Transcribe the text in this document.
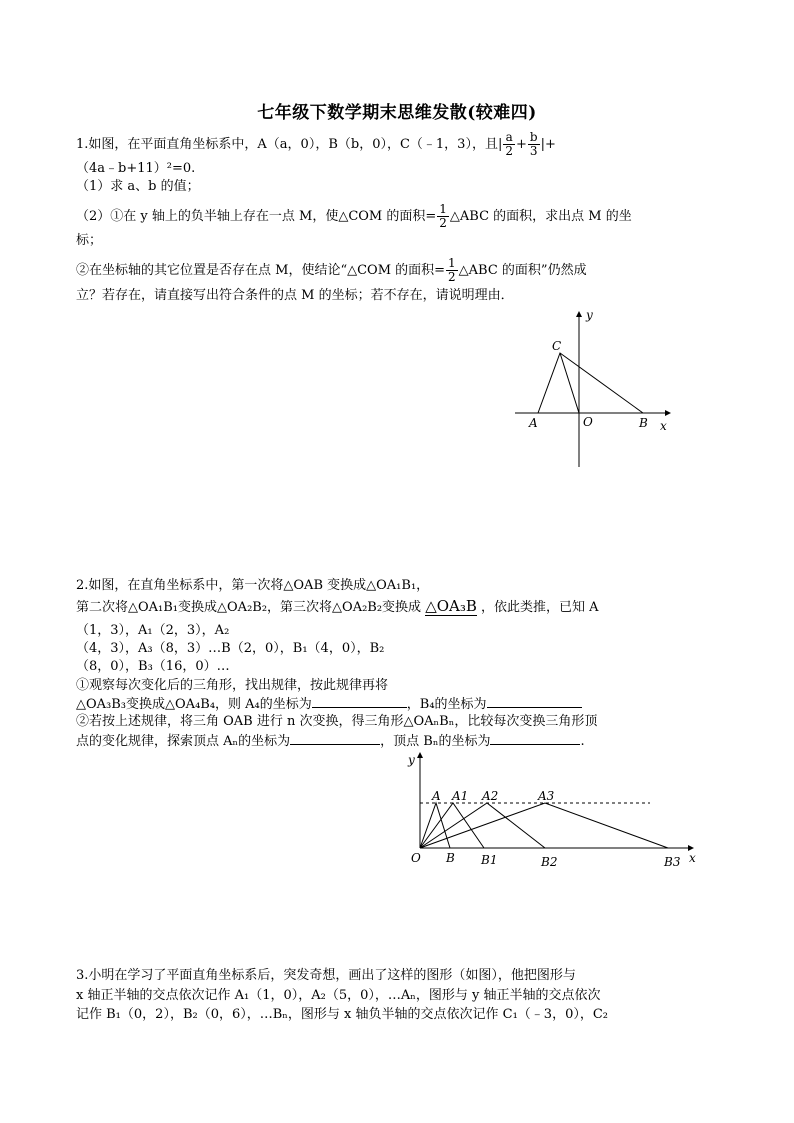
七年级下数学期末思维发散(较难四)
1.如图，在平面直角坐标系中，A（a，0），B（b，0），C（﹣1，3），且| $\frac{a}{2} + \frac{b}{3}$ |+
（4a﹣b+11）²=0.
（1）求 a、b 的值；
（2）①在 y 轴上的负半轴上存在一点 M，使△COM 的面积= $\frac{1}{2}$ △ABC 的面积，求出点 M 的坐
标；
②在坐标轴的其它位置是否存在点 M，使结论“△COM 的面积= $\frac{1}{2}$ △ABC 的面积”仍然成
立？若存在，请直接写出符合条件的点 M 的坐标；若不存在，请说明理由．
C
A	O	B x
y
2.如图，在直角坐标系中，第一次将△OAB 变换成△OA₁B₁，
第二次将△OA₁B₁变换成△OA₂B₂，第三次将△OA₂B₂变换成 △OA₃B ，依此类推，已知 A
（1，3），A₁（2，3），A₂
（4，3），A₃（8，3）…B（2，0），B₁（4，0），B₂
（8，0），B₃（16，0）…
①观察每次变化后的三角形，找出规律，按此规律再将
△OA₃B₃变换成△OA₄B₄，则 A₄的坐标为	，B₄的坐标为
②若按上述规律，将三角 OAB 进行 n 次变换，得三角形△OAₙBₙ，比较每次变换三角形顶
点的变化规律，探索顶点 Aₙ的坐标为	，顶点 Bₙ的坐标为	.
y
x
O
A A1 A2	A3
B B1	B2	B3
3.小明在学习了平面直角坐标系后，突发奇想，画出了这样的图形（如图），他把图形与
x 轴正半轴的交点依次记作 A₁（1，0），A₂（5，0），…Aₙ，图形与 y 轴正半轴的交点依次
记作 B₁（0，2），B₂（0，6），…Bₙ，图形与 x 轴负半轴的交点依次记作 C₁（﹣3，0），C₂
